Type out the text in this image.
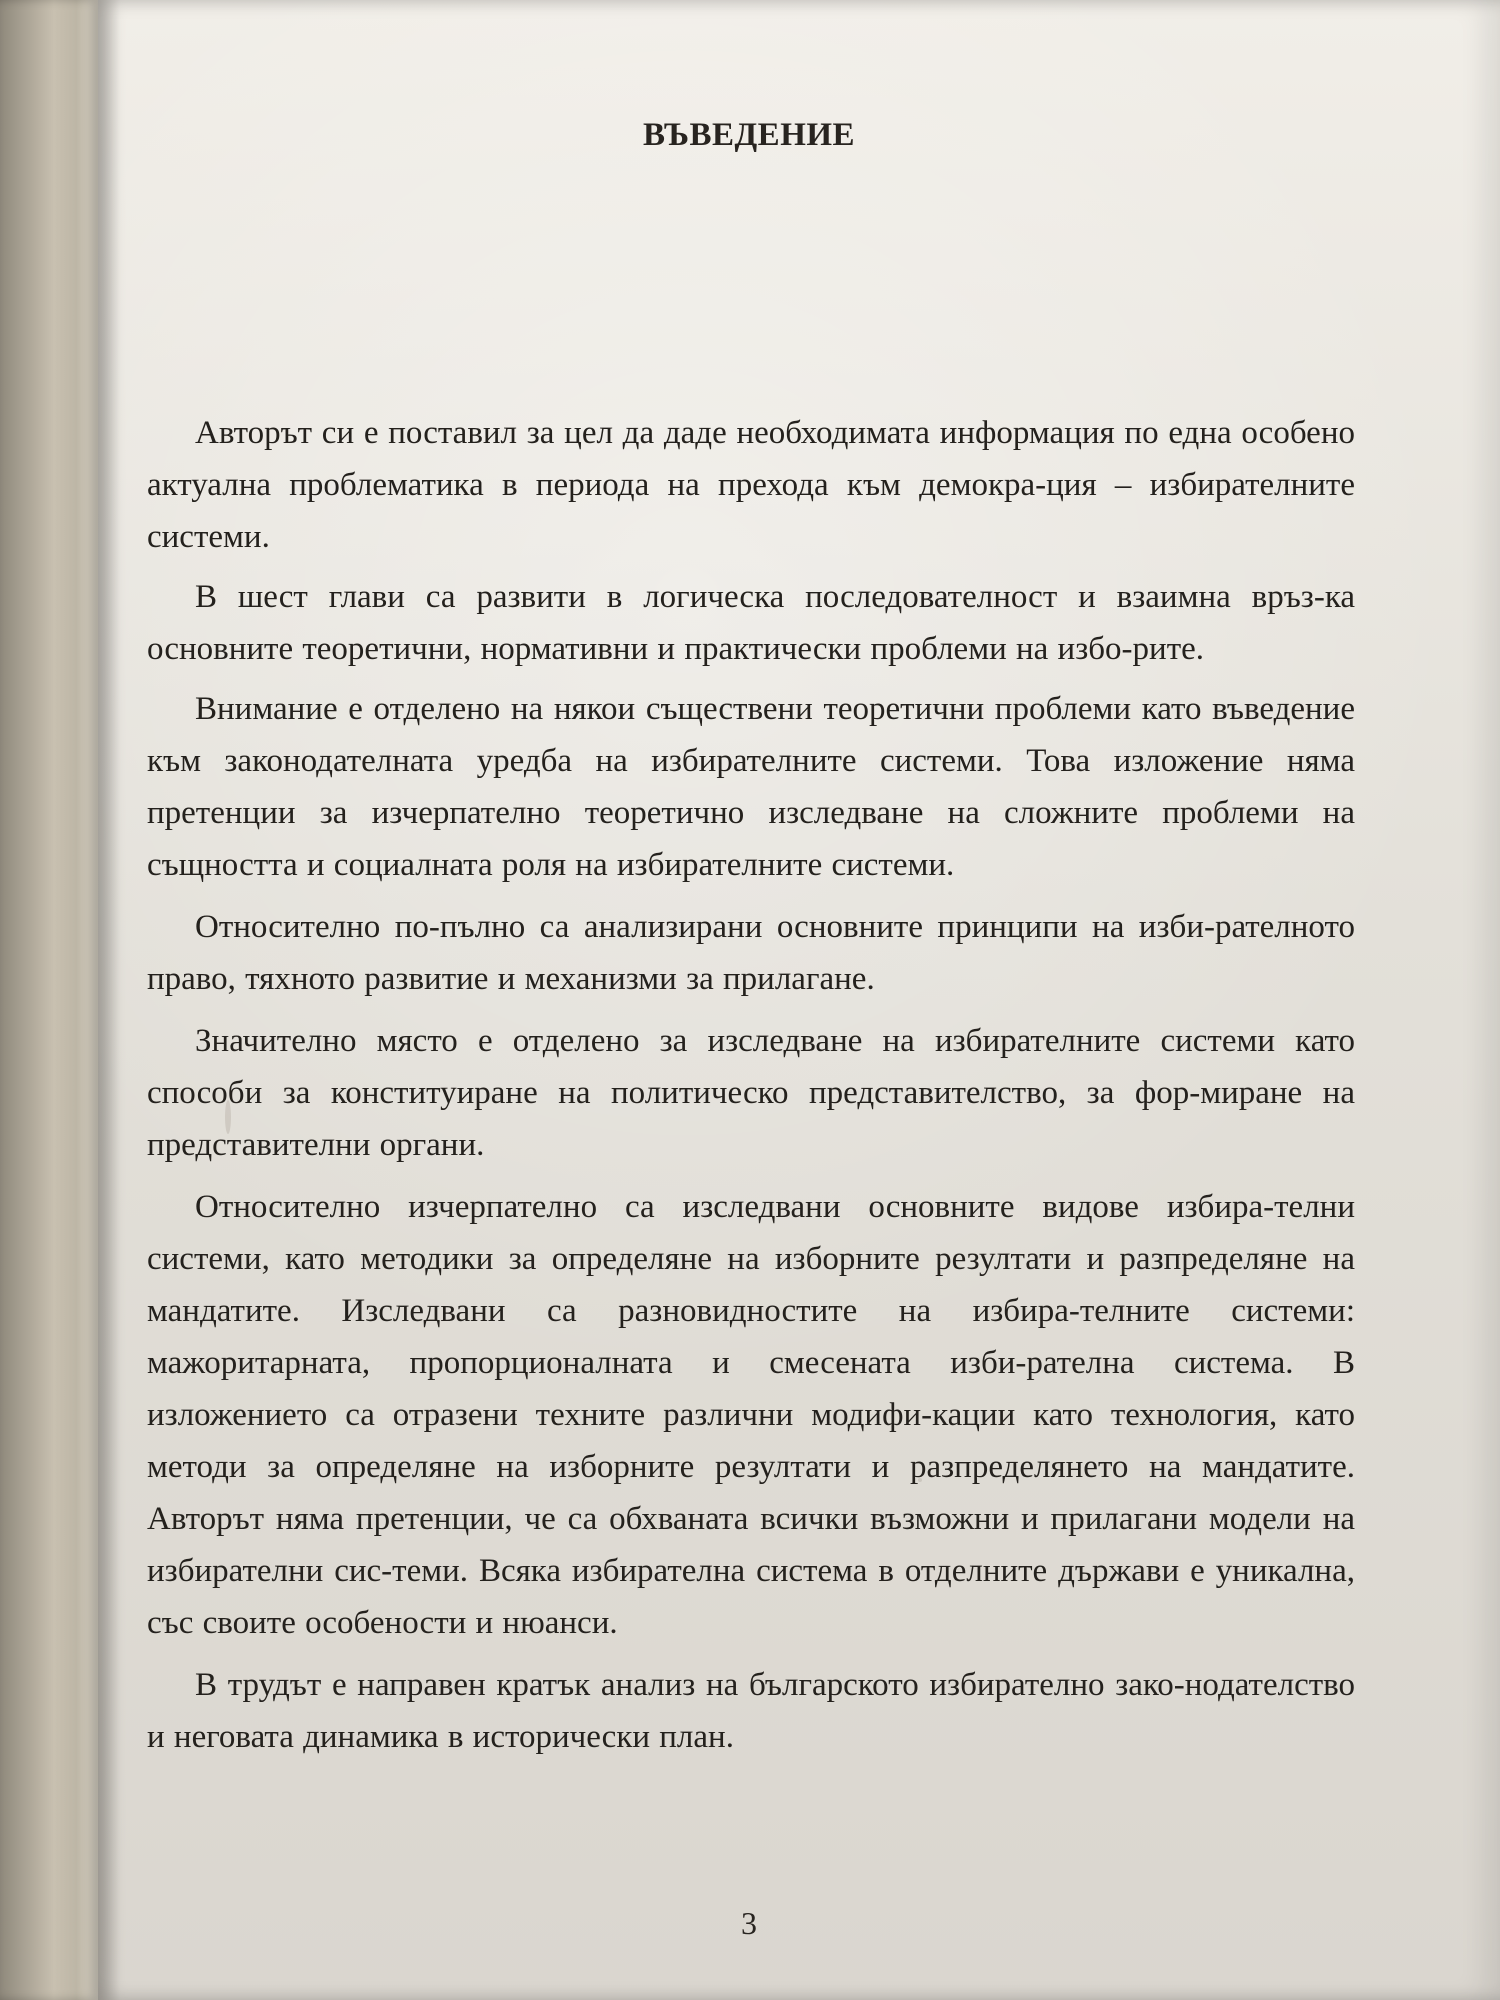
ВЪВЕДЕНИЕ

Авторът си е поставил за цел да даде необходимата информация по една особено актуална проблематика в периода на прехода към демокра-ция – избирателните системи.

В шест глави са развити в логическа последователност и взаимна връз-ка основните теоретични, нормативни и практически проблеми на избо-рите.

Внимание е отделено на някои съществени теоретични проблеми като въведение към законодателната уредба на избирателните системи. Това изложение няма претенции за изчерпателно теоретично изследване на сложните проблеми на същността и социалната роля на избирателните системи.

Относително по-пълно са анализирани основните принципи на изби-рателното право, тяхното развитие и механизми за прилагане.

Значително място е отделено за изследване на избирателните системи като способи за конституиране на политическо представителство, за фор-миране на представителни органи.

Относително изчерпателно са изследвани основните видове избира-телни системи, като методики за определяне на изборните резултати и разпределяне на мандатите. Изследвани са разновидностите на избира-телните системи: мажоритарната, пропорционалната и смесената изби-рателна система. В изложението са отразени техните различни модифи-кации като технология, като методи за определяне на изборните резултати и разпределянето на мандатите. Авторът няма претенции, че са обхваната всички възможни и прилагани модели на избирателни сис-теми. Всяка избирателна система в отделните държави е уникална, със своите особености и нюанси.

В трудът е направен кратък анализ на българското избирателно зако-нодателство и неговата динамика в исторически план.

3
